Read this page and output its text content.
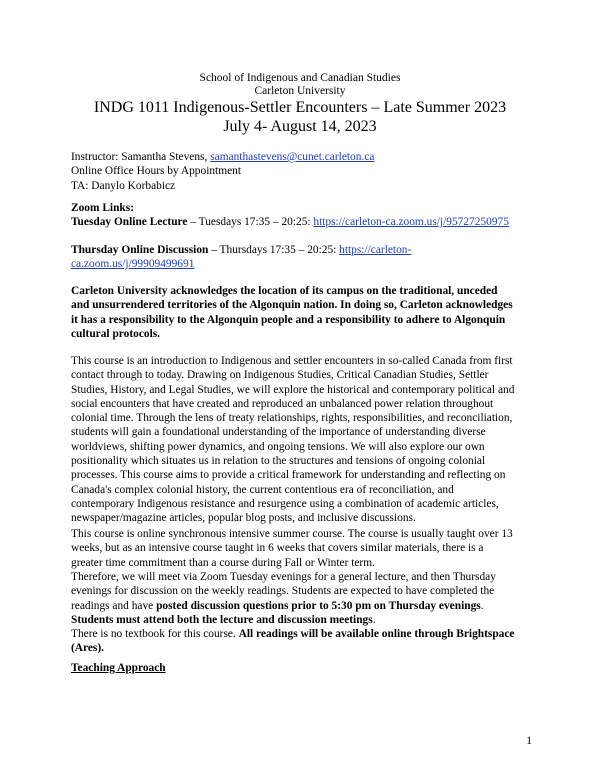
School of Indigenous and Canadian Studies
Carleton University
INDG 1011 Indigenous-Settler Encounters – Late Summer 2023
July 4- August 14, 2023
Instructor: Samantha Stevens, samanthastevens@cunet.carleton.ca
Online Office Hours by Appointment
TA: Danylo Korbabicz
Zoom Links:
Tuesday Online Lecture – Tuesdays 17:35 – 20:25: https://carleton-ca.zoom.us/j/95727250975
Thursday Online Discussion – Thursdays 17:35 – 20:25: https://carleton-
ca.zoom.us/j/99909499691
Carleton University acknowledges the location of its campus on the traditional, unceded
and unsurrendered territories of the Algonquin nation. In doing so, Carleton acknowledges
it has a responsibility to the Algonquin people and a responsibility to adhere to Algonquin
cultural protocols.
This course is an introduction to Indigenous and settler encounters in so-called Canada from first
contact through to today. Drawing on Indigenous Studies, Critical Canadian Studies, Settler
Studies, History, and Legal Studies, we will explore the historical and contemporary political and
social encounters that have created and reproduced an unbalanced power relation throughout
colonial time. Through the lens of treaty relationships, rights, responsibilities, and reconciliation,
students will gain a foundational understanding of the importance of understanding diverse
worldviews, shifting power dynamics, and ongoing tensions. We will also explore our own
positionality which situates us in relation to the structures and tensions of ongoing colonial
processes. This course aims to provide a critical framework for understanding and reflecting on
Canada's complex colonial history, the current contentious era of reconciliation, and
contemporary Indigenous resistance and resurgence using a combination of academic articles,
newspaper/magazine articles, popular blog posts, and inclusive discussions.
This course is online synchronous intensive summer course. The course is usually taught over 13
weeks, but as an intensive course taught in 6 weeks that covers similar materials, there is a
greater time commitment than a course during Fall or Winter term.
Therefore, we will meet via Zoom Tuesday evenings for a general lecture, and then Thursday
evenings for discussion on the weekly readings. Students are expected to have completed the
readings and have posted discussion questions prior to 5:30 pm on Thursday evenings.
Students must attend both the lecture and discussion meetings.
There is no textbook for this course. All readings will be available online through Brightspace
(Ares).
Teaching Approach
1
